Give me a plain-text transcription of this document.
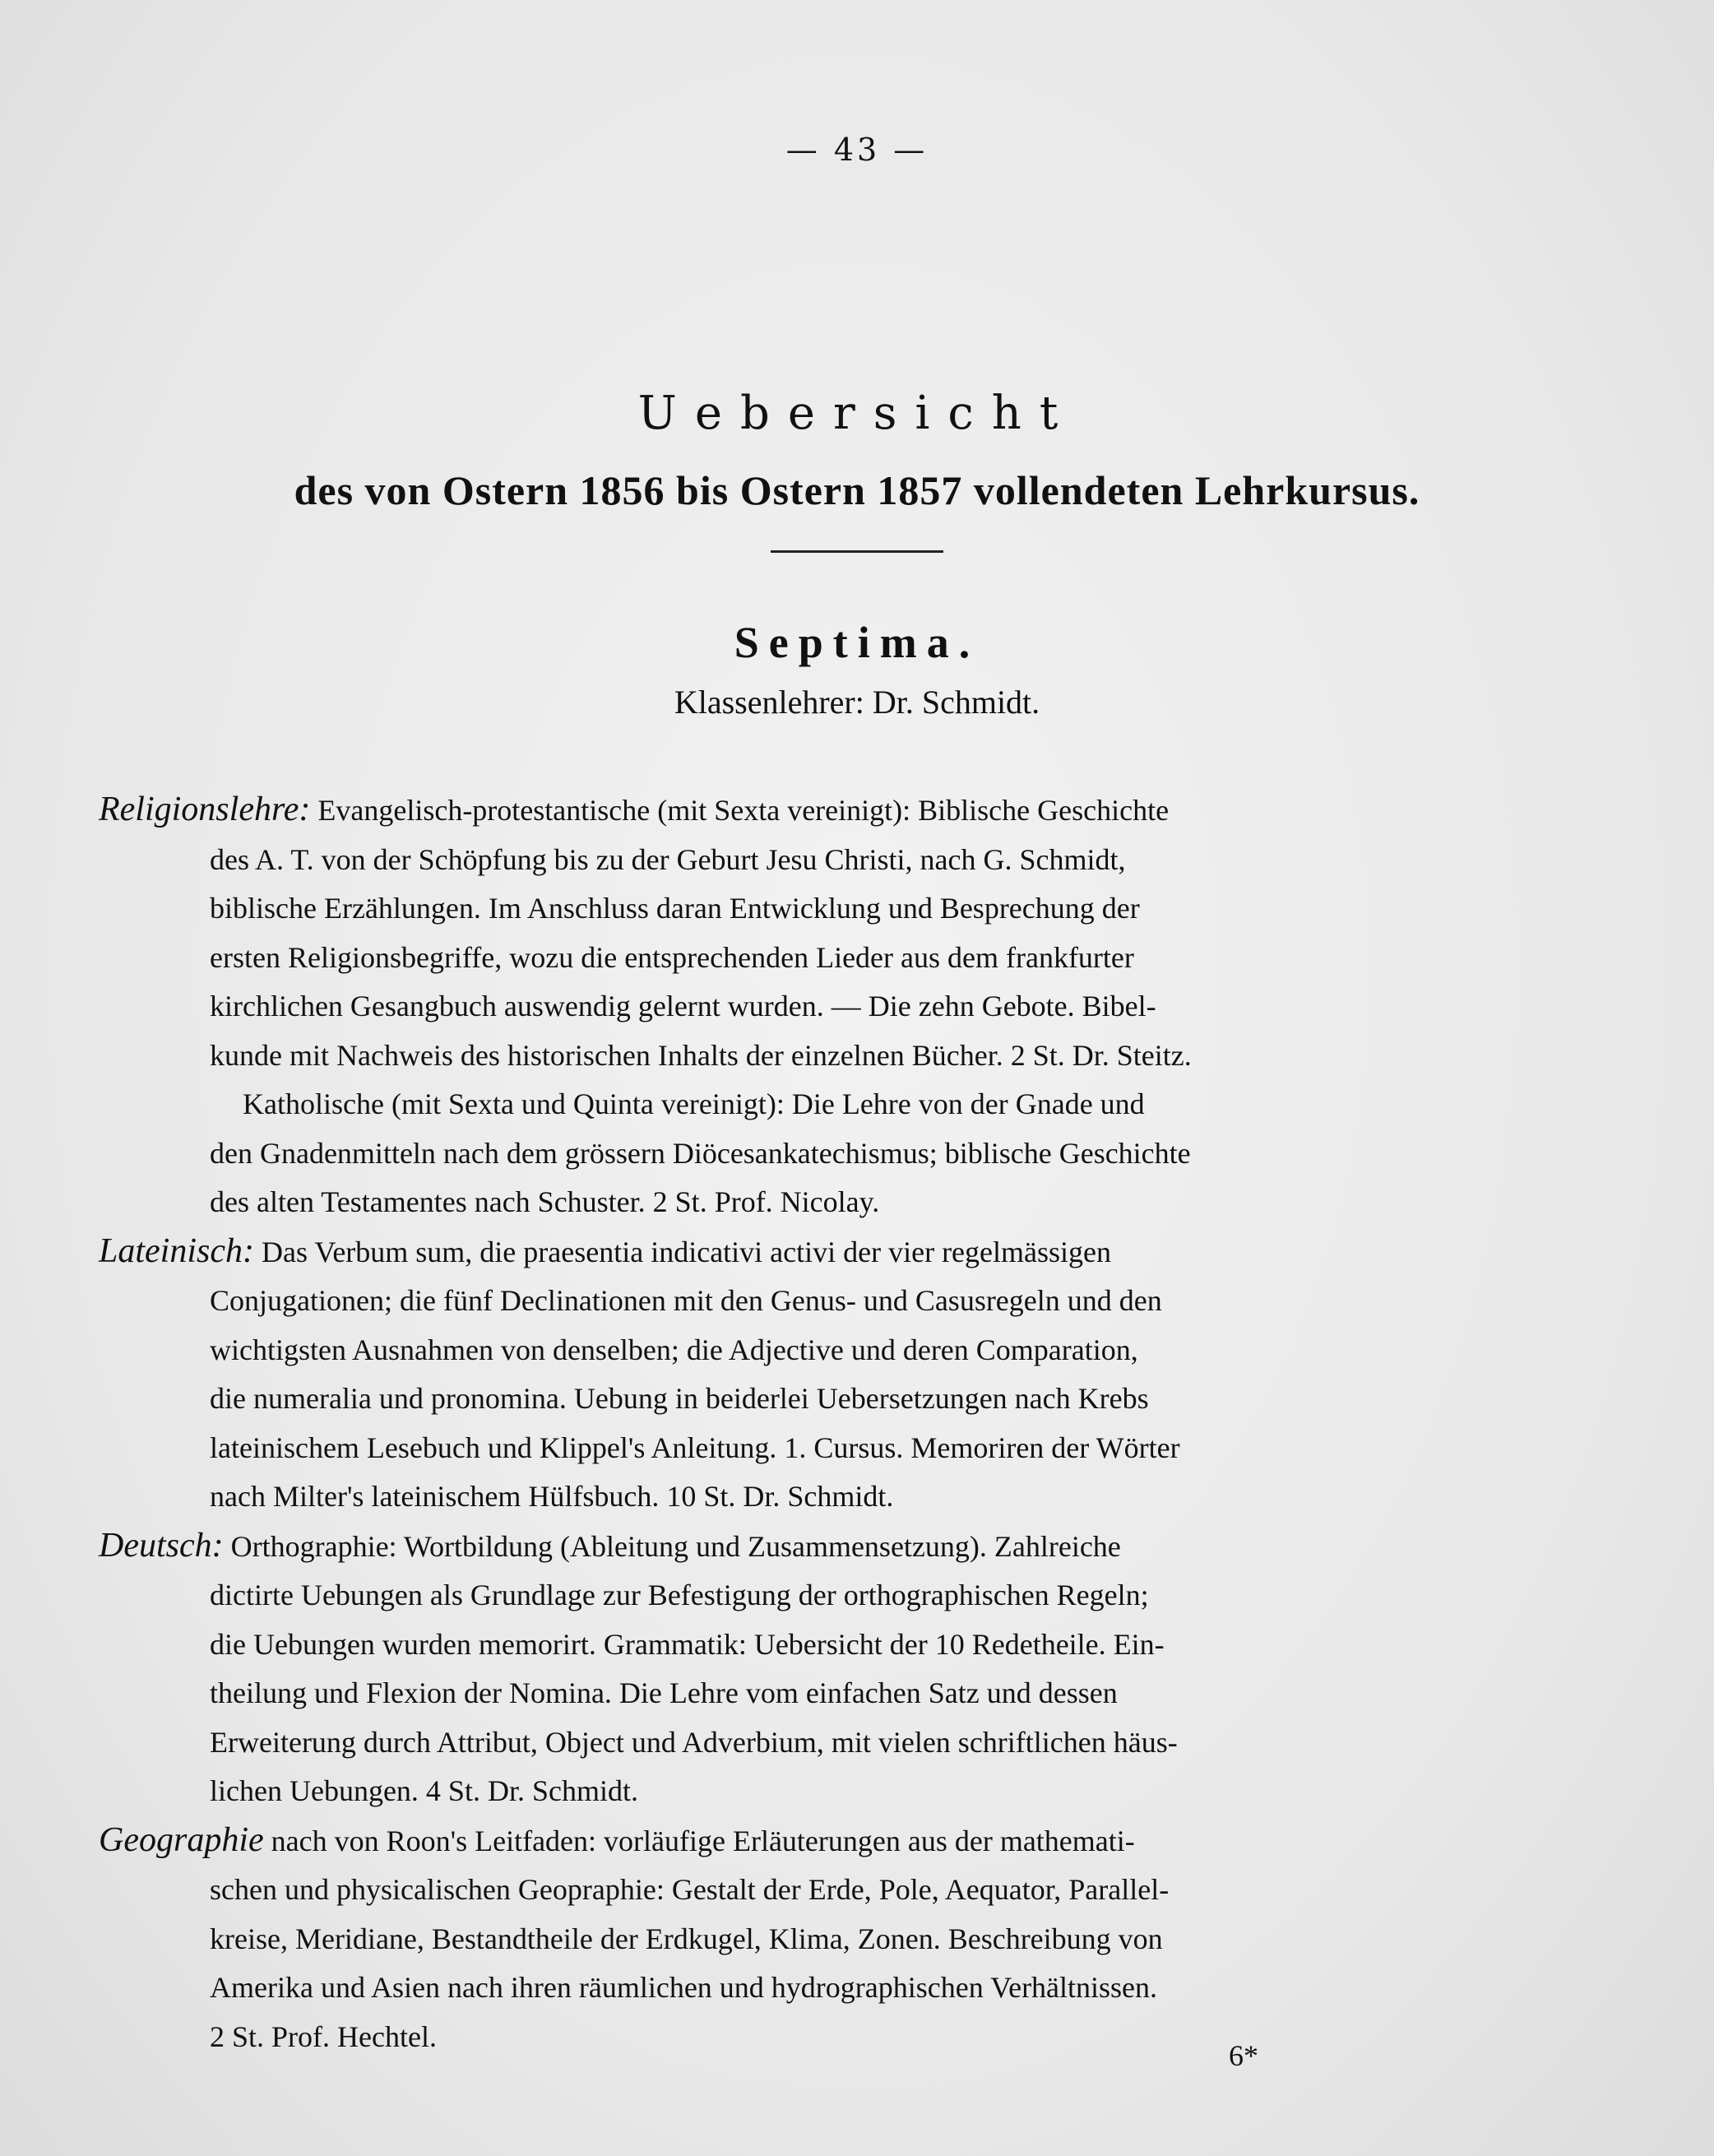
— 43 —
Uebersicht

des von Ostern 1856 bis Ostern 1857 vollendeten Lehrkursus.

Septima.

Klassenlehrer: Dr. Schmidt.

Religionslehre: Evangelisch-protestantische (mit Sexta vereinigt): Biblische Geschichte
des A. T. von der Schöpfung bis zu der Geburt Jesu Christi, nach G. Schmidt,
biblische Erzählungen. Im Anschluss daran Entwicklung und Besprechung der
ersten Religionsbegriffe, wozu die entsprechenden Lieder aus dem frankfurter
kirchlichen Gesangbuch auswendig gelernt wurden. — Die zehn Gebote. Bibel-
kunde mit Nachweis des historischen Inhalts der einzelnen Bücher. 2 St. Dr. Steitz.
Katholische (mit Sexta und Quinta vereinigt): Die Lehre von der Gnade und
den Gnadenmitteln nach dem grössern Diöcesankatechismus; biblische Geschichte
des alten Testamentes nach Schuster. 2 St. Prof. Nicolay.
Lateinisch: Das Verbum sum, die praesentia indicativi activi der vier regelmässigen
Conjugationen; die fünf Declinationen mit den Genus- und Casusregeln und den
wichtigsten Ausnahmen von denselben; die Adjective und deren Comparation,
die numeralia und pronomina. Uebung in beiderlei Uebersetzungen nach Krebs
lateinischem Lesebuch und Klippel's Anleitung. 1. Cursus. Memoriren der Wörter
nach Milter's lateinischem Hülfsbuch. 10 St. Dr. Schmidt.
Deutsch: Orthographie: Wortbildung (Ableitung und Zusammensetzung). Zahlreiche
dictirte Uebungen als Grundlage zur Befestigung der orthographischen Regeln;
die Uebungen wurden memorirt. Grammatik: Uebersicht der 10 Redetheile. Ein-
theilung und Flexion der Nomina. Die Lehre vom einfachen Satz und dessen
Erweiterung durch Attribut, Object und Adverbium, mit vielen schriftlichen häus-
lichen Uebungen. 4 St. Dr. Schmidt.
Geographie nach von Roon's Leitfaden: vorläufige Erläuterungen aus der mathemati-
schen und physicalischen Geopraphie: Gestalt der Erde, Pole, Aequator, Parallel-
kreise, Meridiane, Bestandtheile der Erdkugel, Klima, Zonen. Beschreibung von
Amerika und Asien nach ihren räumlichen und hydrographischen Verhältnissen.
2 St. Prof. Hechtel.
6*
